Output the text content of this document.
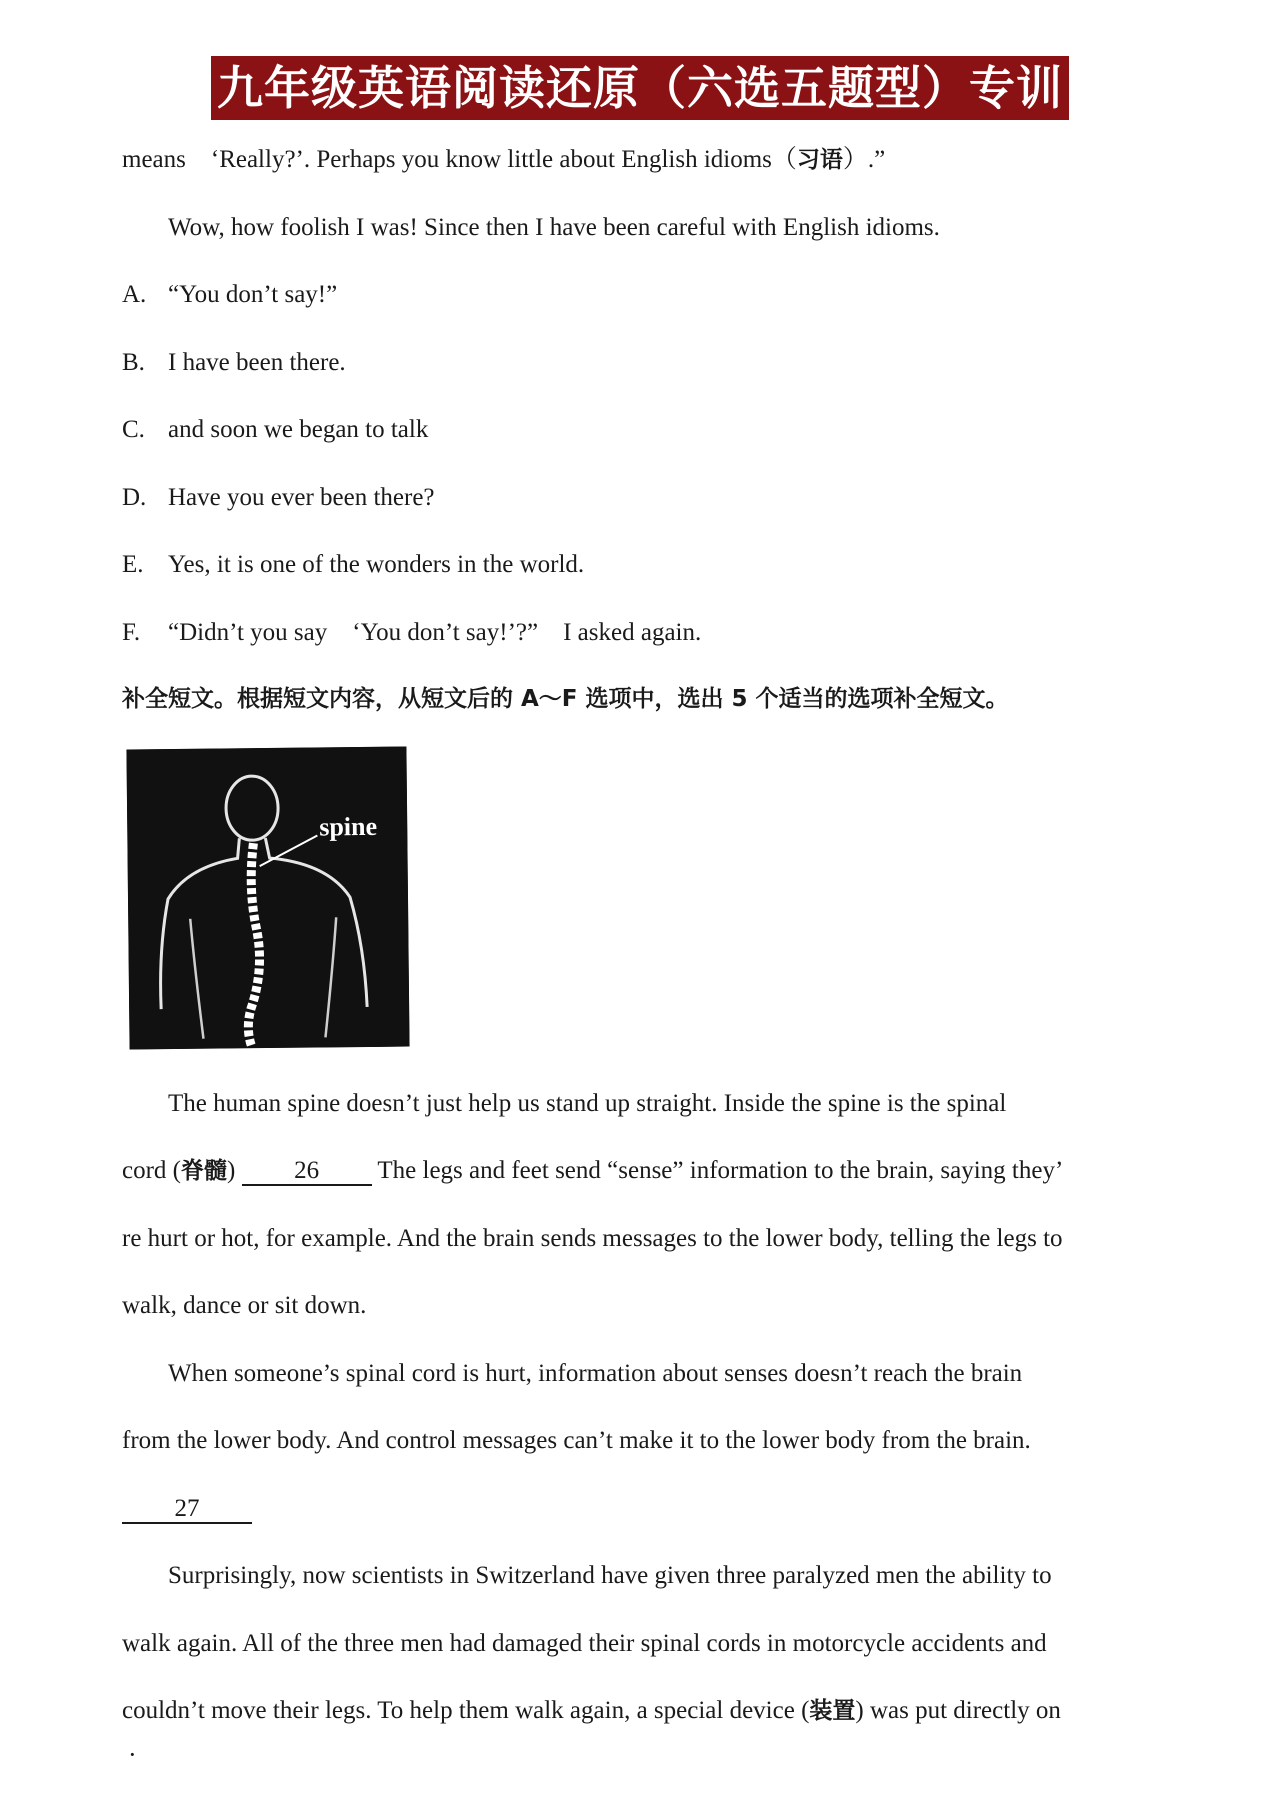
九年级英语阅读还原（六选五题型）专训
means　‘Really?’. Perhaps you know little about English idioms（习语）.”
Wow, how foolish I was! Since then I have been careful with English idioms.
A. “You don’t say!”
B. I have been there.
C. and soon we began to talk
D. Have you ever been there?
E. Yes, it is one of the wonders in the world.
F. “Didn’t you say　‘You don’t say!’?”　I asked again.
补全短文。根据短文内容，从短文后的 A～F 选项中，选出 5 个适当的选项补全短文。
spine
The human spine doesn’t just help us stand up straight. Inside the spine is the spinal
cord (脊髓) 26 The legs and feet send “sense” information to the brain, saying they’
re hurt or hot, for example. And the brain sends messages to the lower body, telling the legs to
walk, dance or sit down.
When someone’s spinal cord is hurt, information about senses doesn’t reach the brain
from the lower body. And control messages can’t make it to the lower body from the brain.
27
Surprisingly, now scientists in Switzerland have given three paralyzed men the ability to
walk again. All of the three men had damaged their spinal cords in motorcycle accidents and
couldn’t move their legs. To help them walk again, a special device (装置) was put directly on
·
